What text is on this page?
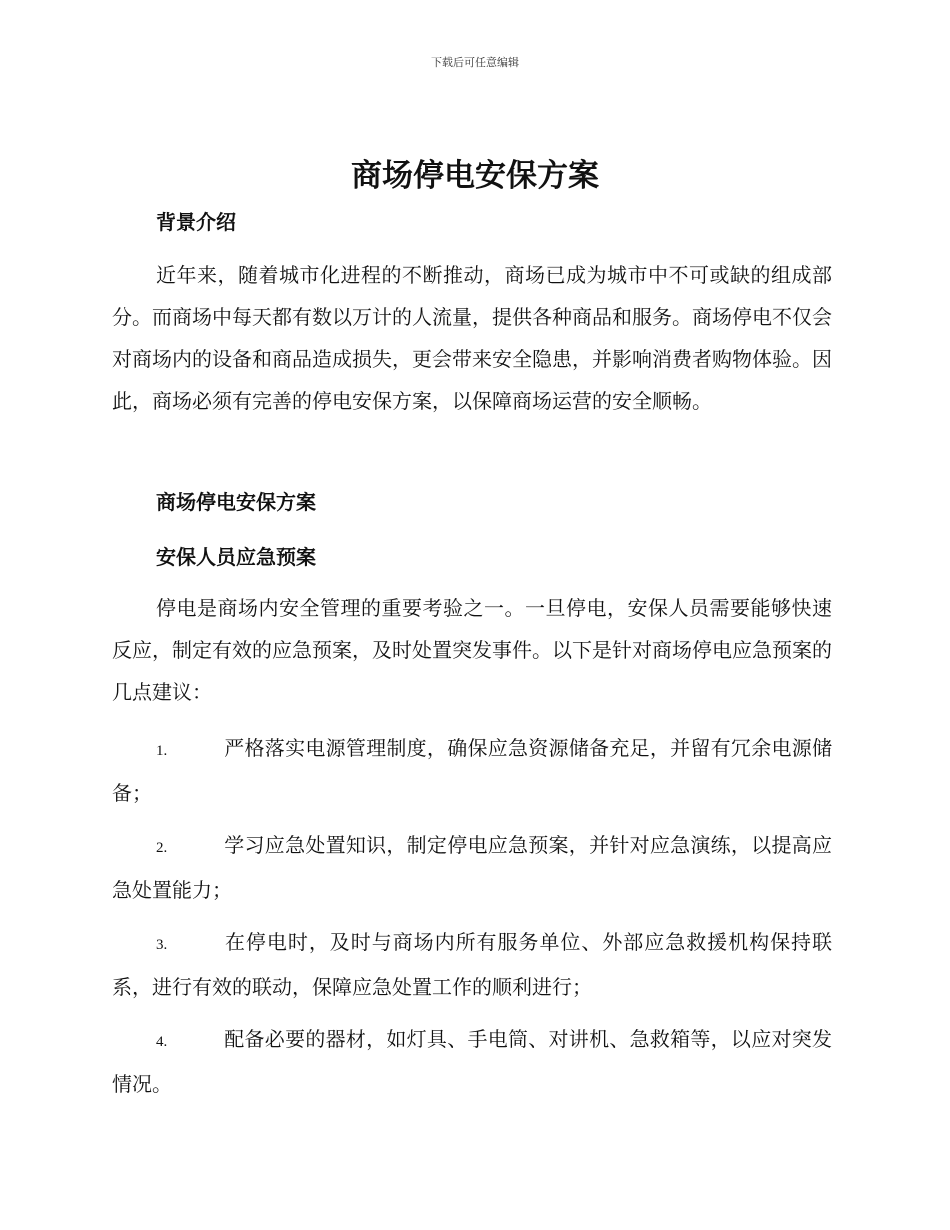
下载后可任意编辑
商场停电安保方案
背景介绍

近年来，随着城市化进程的不断推动，商场已成为城市中不可或缺的组成部分。而商场中每天都有数以万计的人流量，提供各种商品和服务。商场停电不仅会对商场内的设备和商品造成损失，更会带来安全隐患，并影响消费者购物体验。因此，商场必须有完善的停电安保方案，以保障商场运营的安全顺畅。

商场停电安保方案
安保人员应急预案

停电是商场内安全管理的重要考验之一。一旦停电，安保人员需要能够快速反应，制定有效的应急预案，及时处置突发事件。以下是针对商场停电应急预案的几点建议：

1.	严格落实电源管理制度，确保应急资源储备充足，并留有冗余电源储备；

2.	学习应急处置知识，制定停电应急预案，并针对应急演练，以提高应急处置能力；

3.	在停电时，及时与商场内所有服务单位、外部应急救援机构保持联系，进行有效的联动，保障应急处置工作的顺利进行；

4.	配备必要的器材，如灯具、手电筒、对讲机、急救箱等，以应对突发情况。
